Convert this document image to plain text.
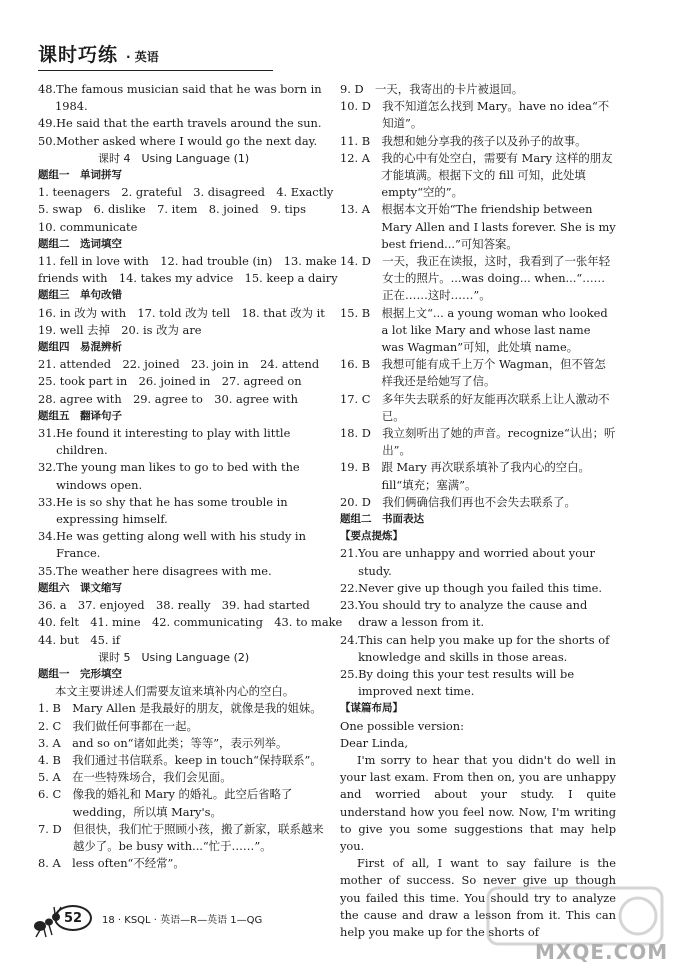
课时巧练 · 英语
48. The famous musician said that he was born in
1984.
49. He said that the earth travels around the sun.
50. Mother asked where I would go the next day.
课时 4　Using Language (1)
题组一　单词拼写
1. teenagers　2. grateful　3. disagreed　4. Exactly
5. swap　6. dislike　7. item　8. joined　9. tips
10. communicate
题组二　选词填空
11. fell in love with　12. had trouble (in)　13. make
friends with　14. takes my advice　15. keep a dairy
题组三　单句改错
16. in 改为 with　17. told 改为 tell　18. that 改为 it
19. well 去掉　20. is 改为 are
题组四　易混辨析
21. attended　22. joined　23. join in　24. attend
25. took part in　26. joined in　27. agreed on
28. agree with　29. agree to　30. agree with
题组五　翻译句子
31. He found it interesting to play with little children.
32. The young man likes to go to bed with the windows open.
33. He is so shy that he has some trouble in expressing himself.
34. He was getting along well with his study in France.
35. The weather here disagrees with me.
题组六　课文缩写
36. a　37. enjoyed　38. really　39. had started
40. felt　41. mine　42. communicating　43. to make
44. but　45. if
课时 5　Using Language (2)
题组一　完形填空
本文主要讲述人们需要友谊来填补内心的空白。
1. B　 Mary Allen 是我最好的朋友，就像是我的姐妹。
2. C　 我们做任何事都在一起。
3. A　 and so on“诸如此类；等等”，表示列举。
4. B　 我们通过书信联系。keep in touch“保持联系”。
5. A　 在一些特殊场合，我们会见面。
6. C　 像我的婚礼和 Mary 的婚礼。此空后省略了 wedding，所以填 Mary's。
7. D　 但很快，我们忙于照顾小孩，搬了新家，联系越来越少了。be busy with...“忙于……”。
8. A　 less often“不经常”。
9. D　 一天，我寄出的卡片被退回。
10. D　 我不知道怎么找到 Mary。have no idea“不知道”。
11. B　 我想和她分享我的孩子以及孙子的故事。
12. A　 我的心中有处空白，需要有 Mary 这样的朋友才能填满。根据下文的 fill 可知，此处填 empty“空的”。
13. A　 根据本文开始“The friendship between Mary Allen and I lasts forever. She is my best friend...”可知答案。
14. D　 一天，我正在读报，这时，我看到了一张年轻女士的照片。...was doing... when...“……正在……这时……”。
15. B　 根据上文“... a young woman who looked a lot like Mary and whose last name was Wagman”可知，此处填 name。
16. B　 我想可能有成千上万个 Wagman，但不管怎样我还是给她写了信。
17. C　 多年失去联系的好友能再次联系上让人激动不已。
18. D　 我立刻听出了她的声音。recognize“认出；听出”。
19. B　 跟 Mary 再次联系填补了我内心的空白。fill“填充；塞满”。
20. D　 我们俩确信我们再也不会失去联系了。
题组二　书面表达
【要点提炼】
21. You are unhappy and worried about your study.
22. Never give up though you failed this time.
23. You should try to analyze the cause and draw a lesson from it.
24. This can help you make up for the shorts of knowledge and skills in those areas.
25. By doing this your test results will be improved next time.
【谋篇布局】
One possible version:
Dear Linda,
I'm sorry to hear that you didn't do well in your last exam. From then on, you are unhappy and worried about your study. I quite understand how you feel now. Now, I'm writing to give you some suggestions that may help you.
First of all, I want to say failure is the mother of success. So never give up though you failed this time. You should try to analyze the cause and draw a lesson from it. This can help you make up for the shorts of
52	18 · KSQL · 英语—R—英语 1—QG
MXQE.COM
